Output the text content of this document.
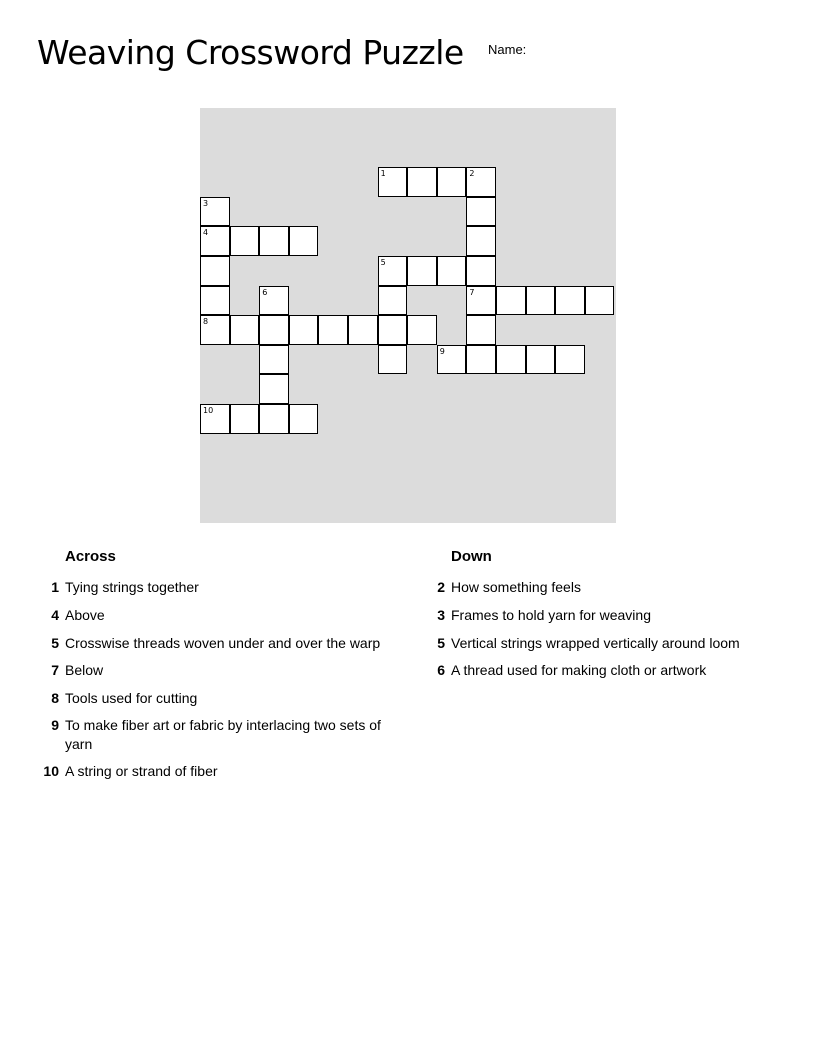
Weaving Crossword Puzzle Name:
1	2
3
4
5
6	7
8
9
10
Across	Down
1 Tying strings together
4 Above
5 Crosswise threads woven under and over the warp
7 Below
8 Tools used for cutting
9 To make fiber art or fabric by interlacing two sets of yarn
10 A string or strand of fiber
2 How something feels
3 Frames to hold yarn for weaving
5 Vertical strings wrapped vertically around loom
6 A thread used for making cloth or artwork
